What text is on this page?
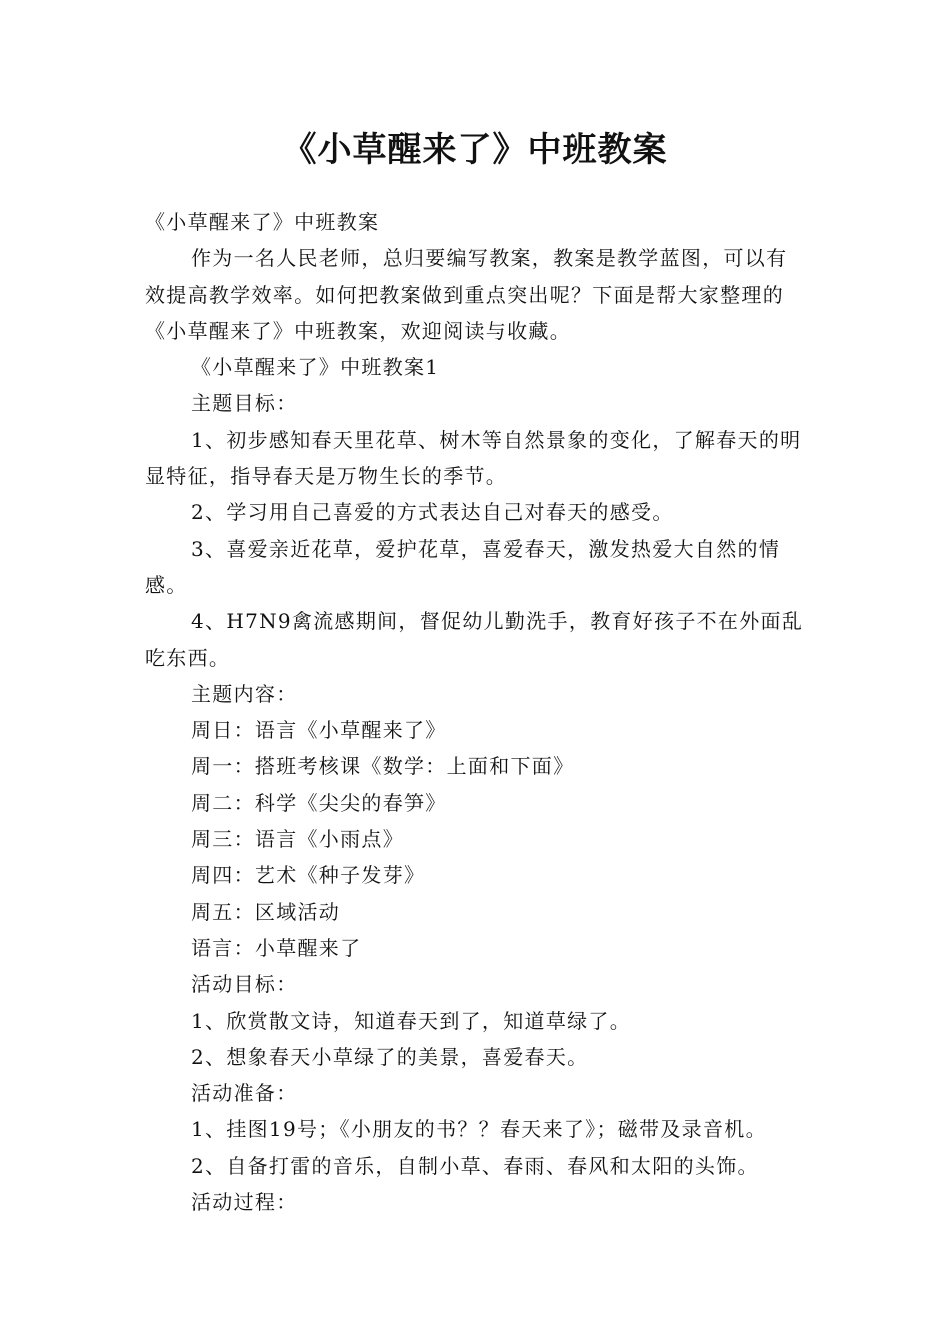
《小草醒来了》中班教案

《小草醒来了》中班教案

作为一名人民老师，总归要编写教案，教案是教学蓝图，可以有效提高教学效率。如何把教案做到重点突出呢？下面是帮大家整理的《小草醒来了》中班教案，欢迎阅读与收藏。

《小草醒来了》中班教案1

主题目标：

1、初步感知春天里花草、树木等自然景象的变化，了解春天的明显特征，指导春天是万物生长的季节。

2、学习用自己喜爱的方式表达自己对春天的感受。

3、喜爱亲近花草，爱护花草，喜爱春天，激发热爱大自然的情感。

4、H7N9禽流感期间，督促幼儿勤洗手，教育好孩子不在外面乱吃东西。

主题内容：

周日：语言《小草醒来了》

周一：搭班考核课《数学：上面和下面》

周二：科学《尖尖的春笋》

周三：语言《小雨点》

周四：艺术《种子发芽》

周五：区域活动

语言：小草醒来了

活动目标：

1、欣赏散文诗，知道春天到了，知道草绿了。

2、想象春天小草绿了的美景，喜爱春天。

活动准备：

1、挂图19号；《小朋友的书？？春天来了》；磁带及录音机。

2、自备打雷的音乐，自制小草、春雨、春风和太阳的头饰。

活动过程：
